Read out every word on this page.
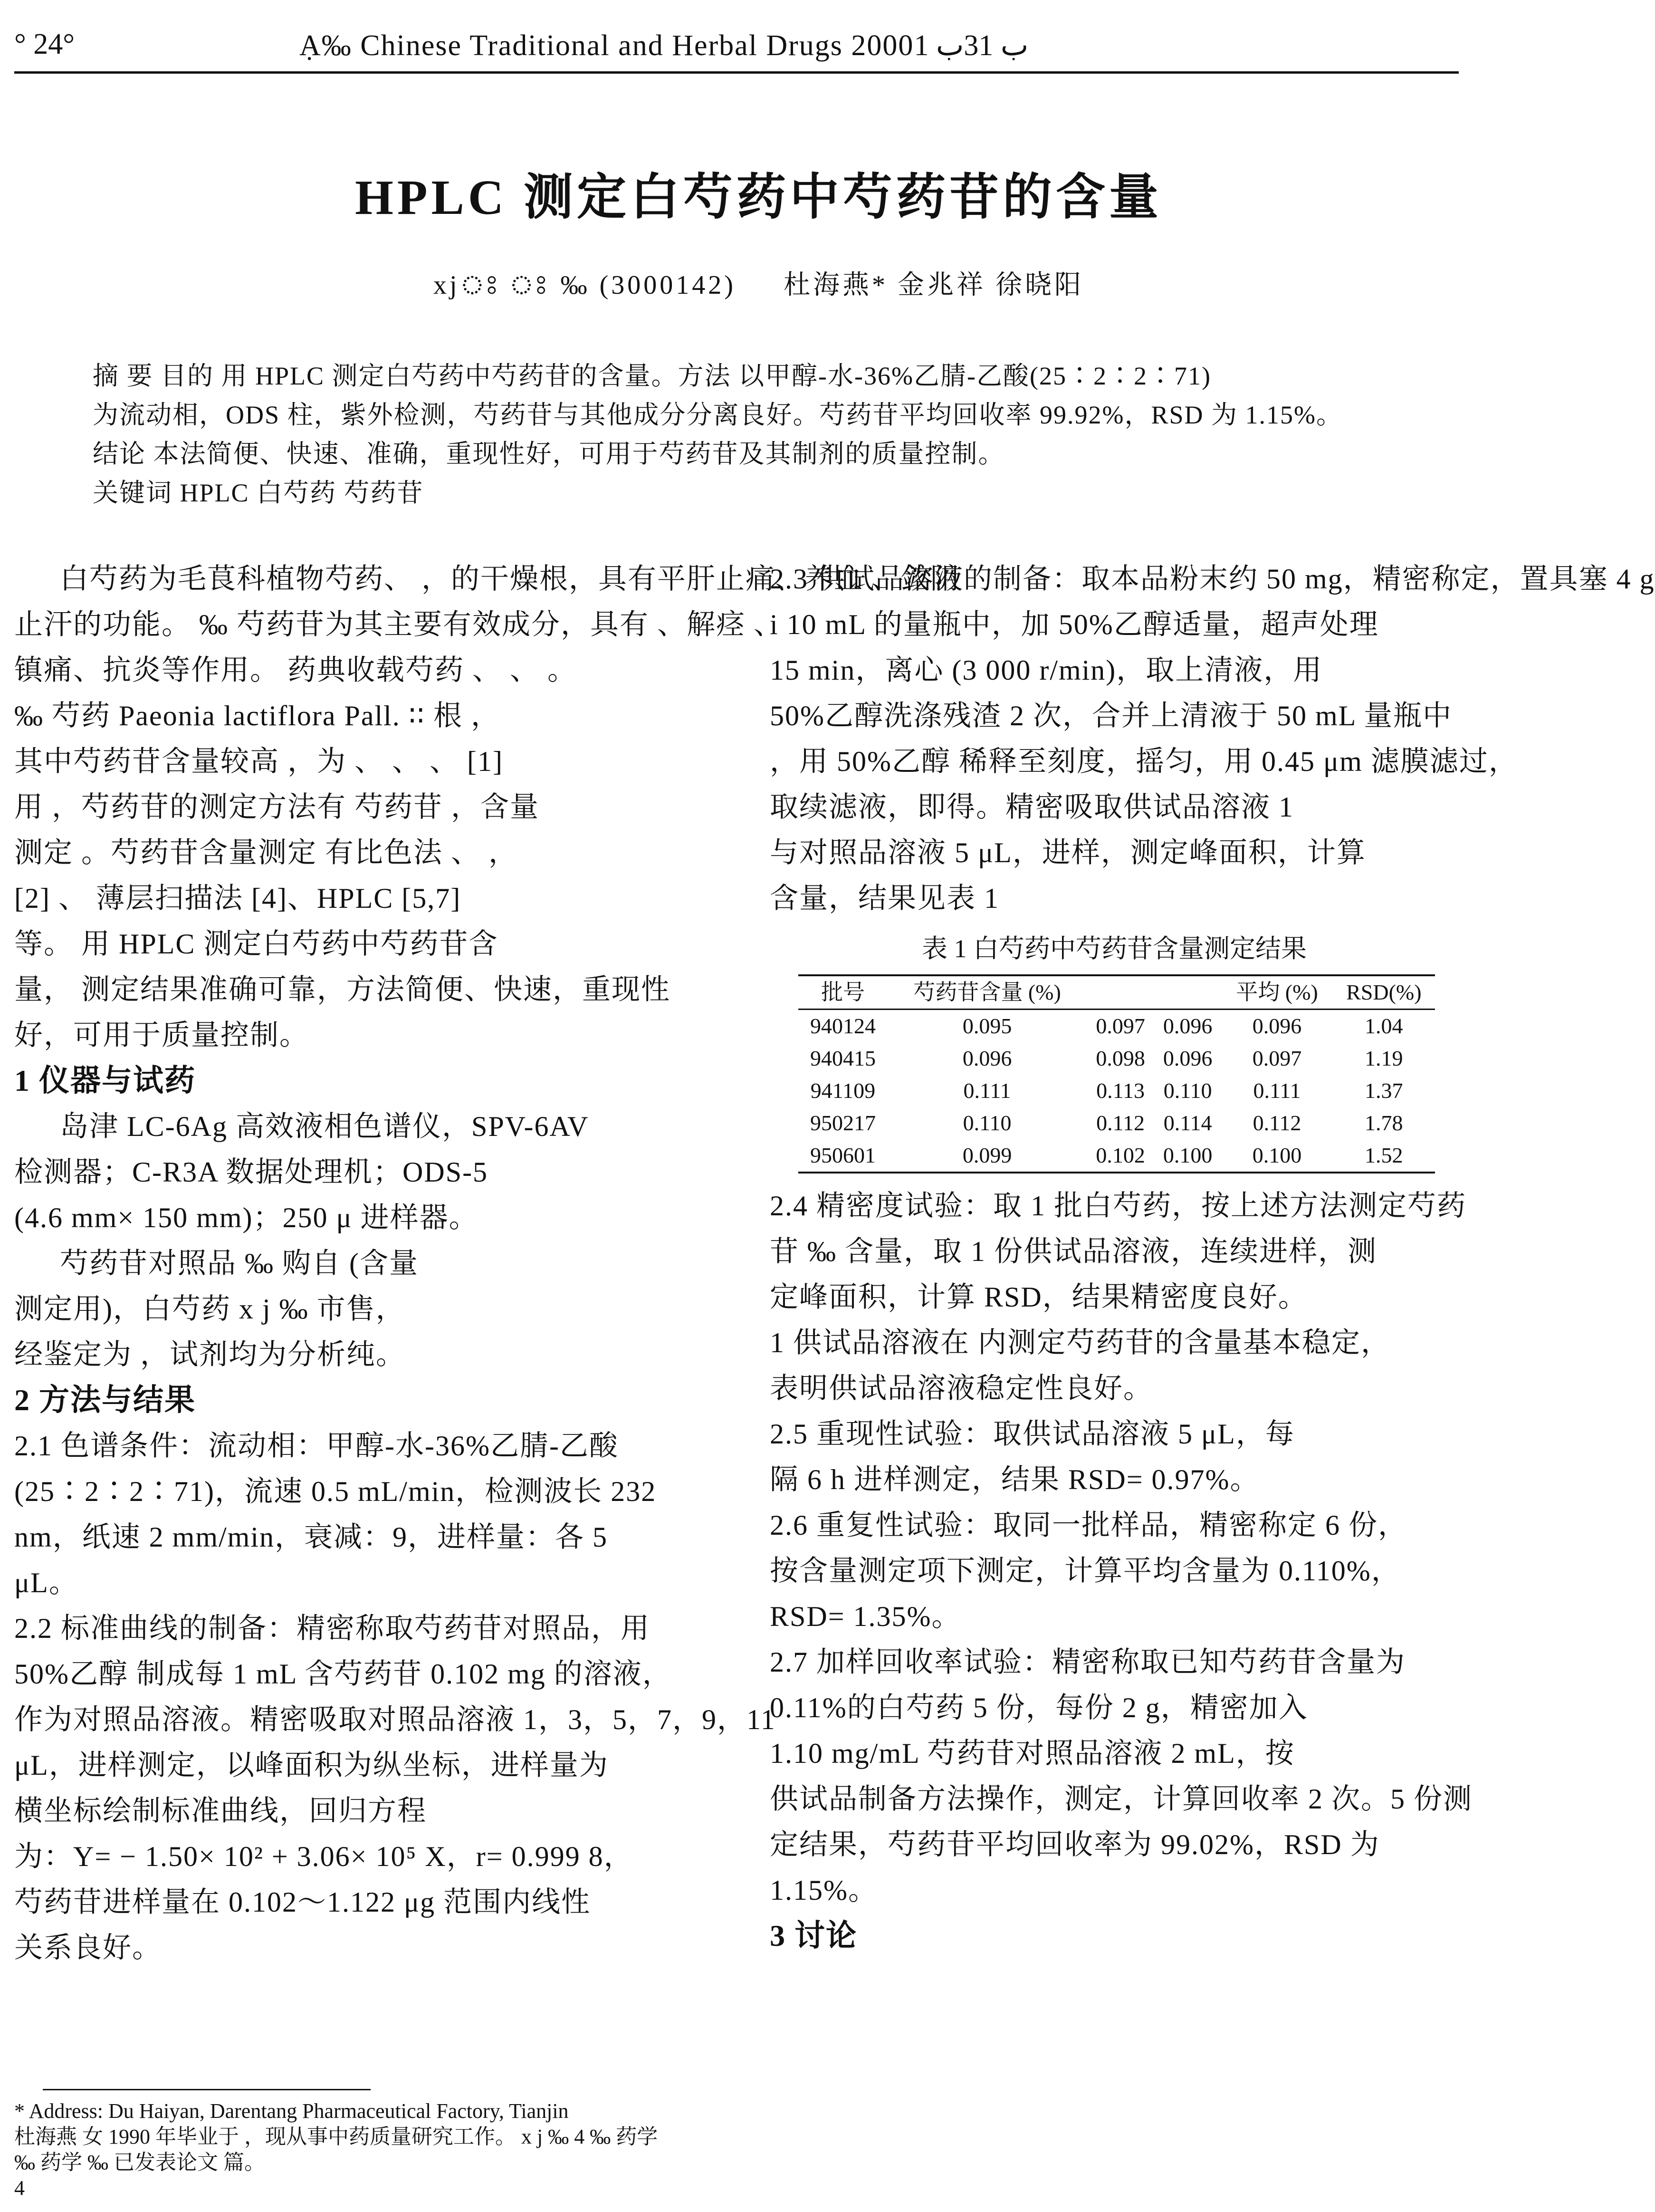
° 24°	Ạ‰ Chinese Traditional and Herbal Drugs 2000ب 31ب 1
HPLC 测定白芍药中芍药苷的含量
xjঃ ঃ ‰ (3000142) 杜海燕* 金兆祥 徐晓阳
摘 要 目的 用 HPLC 测定白芍药中芍药苷的含量。方法 以甲醇-水-36%乙腈-乙酸(25∶2∶2∶71)
为流动相，ODS 柱，紫外检测，芍药苷与其他成分分离良好。芍药苷平均回收率 99.92%，RSD 为 1.15%。
结论 本法简便、快速、准确，重现性好，可用于芍药苷及其制剂的质量控制。
关键词 HPLC 白芍药 芍药苷

白芍药为毛茛科植物芍药、 ，的干燥根，具有平肝止痛、养血 、敛阴

止汗的功能。 ‰ 芍药苷为其主要有效成分，具有 、解痉 、

镇痛、抗炎等作用。 药典收载芍药 、 、 。

‰ 芍药 Paeonia lactiflora Pall. ∶∶ 根 ，

其中芍药苷含量较高 ，为 、 、 、 [1]

用 ，芍药苷的测定方法有 芍药苷 ，含量

测定 。芍药苷含量测定 有比色法 、 ，

[2] 、 薄层扫描法 [4]、HPLC [5,7]

等。 用 HPLC 测定白芍药中芍药苷含

量， 测定结果准确可靠，方法简便、快速，重现性

好，可用于质量控制。

1 仪器与试药

岛津 LC-6Ag 高效液相色谱仪，SPV-6AV

检测器；C-R3A 数据处理机；ODS-5

(4.6 mm× 150 mm)；250 μ 进样器。

芍药苷对照品 ‰ 购自 (含量

测定用)，白芍药 x j ‰ 市售，

经鉴定为 ，试剂均为分析纯。

2 方法与结果

2.1 色谱条件：流动相：甲醇-水-36%乙腈-乙酸

(25∶2∶2∶71)，流速 0.5 mL/min，检测波长 232

nm，纸速 2 mm/min，衰减：9，进样量：各 5

μL。

2.2 标准曲线的制备：精密称取芍药苷对照品，用

50%乙醇 制成每 1 mL 含芍药苷 0.102 mg 的溶液，

作为对照品溶液。精密吸取对照品溶液 1，3，5，7，9，11

μL，进样测定，以峰面积为纵坐标，进样量为

横坐标绘制标准曲线，回归方程

为：Y= − 1.50× 10² + 3.06× 10⁵ X，r= 0.999 8，

芍药苷进样量在 0.102～1.122 μg 范围内线性

关系良好。

2.3 供试品溶液的制备：取本品粉末约 50 mg，精密称定，置具塞 4 g

i 10 mL 的量瓶中，加 50%乙醇适量，超声处理

15 min，离心 (3 000 r/min)，取上清液，用

50%乙醇洗涤残渣 2 次，合并上清液于 50 mL 量瓶中

，用 50%乙醇 稀释至刻度，摇匀，用 0.45 μm 滤膜滤过，

取续滤液，即得。精密吸取供试品溶液 1

与对照品溶液 5 μL，进样，测定峰面积，计算

含量，结果见表 1

表 1 白芍药中芍药苷含量测定结果
批号	芍药苷含量 (%)			平均 (%)	RSD(%)
940124	0.095	0.097	0.096	0.096	1.04
940415	0.096	0.098	0.096	0.097	1.19
941109	0.111	0.113	0.110	0.111	1.37
950217	0.110	0.112	0.114	0.112	1.78
950601	0.099	0.102	0.100	0.100	1.52

2.4 精密度试验：取 1 批白芍药，按上述方法测定芍药

苷 ‰ 含量，取 1 份供试品溶液，连续进样，测

定峰面积，计算 RSD，结果精密度良好。

1 供试品溶液在 内测定芍药苷的含量基本稳定，

表明供试品溶液稳定性良好。

2.5 重现性试验：取供试品溶液 5 μL，每

隔 6 h 进样测定，结果 RSD= 0.97%。

2.6 重复性试验：取同一批样品，精密称定 6 份，

按含量测定项下测定，计算平均含量为 0.110%，

RSD= 1.35%。

2.7 加样回收率试验：精密称取已知芍药苷含量为

0.11%的白芍药 5 份，每份 2 g，精密加入

1.10 mg/mL 芍药苷对照品溶液 2 mL，按

供试品制备方法操作，测定，计算回收率 2 次。5 份测

定结果，芍药苷平均回收率为 99.02%，RSD 为

1.15%。

3 讨论

* Address: Du Haiyan, Darentang Pharmaceutical Factory, Tianjin

杜海燕 女 1990 年毕业于 ，现从事中药质量研究工作。 x j ‰ 4 ‰ 药学

‰ 药学 ‰ 已发表论文 篇。

4
